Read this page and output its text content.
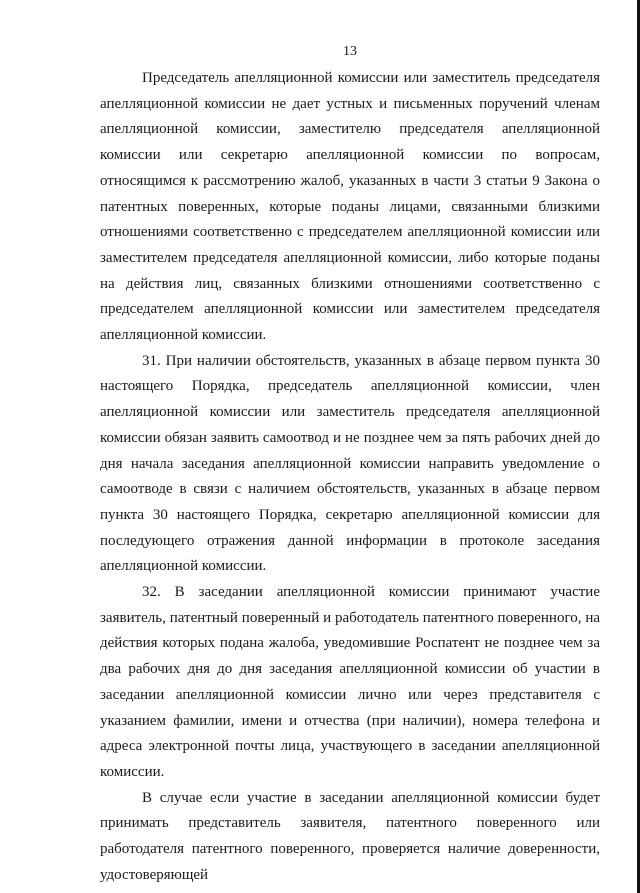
13

Председатель апелляционной комиссии или заместитель председателя апелляционной комиссии не дает устных и письменных поручений членам апелляционной комиссии, заместителю председателя апелляционной комиссии или секретарю апелляционной комиссии по вопросам, относящимся к рассмотрению жалоб, указанных в части 3 статьи 9 Закона о патентных поверенных, которые поданы лицами, связанными близкими отношениями соответственно с председателем апелляционной комиссии или заместителем председателя апелляционной комиссии, либо которые поданы на действия лиц, связанных близкими отношениями соответственно с председателем апелляционной комиссии или заместителем председателя апелляционной комиссии.

31. При наличии обстоятельств, указанных в абзаце первом пункта 30 настоящего Порядка, председатель апелляционной комиссии, член апелляционной комиссии или заместитель председателя апелляционной комиссии обязан заявить самоотвод и не позднее чем за пять рабочих дней до дня начала заседания апелляционной комиссии направить уведомление о самоотводе в связи с наличием обстоятельств, указанных в абзаце первом пункта 30 настоящего Порядка, секретарю апелляционной комиссии для последующего отражения данной информации в протоколе заседания апелляционной комиссии.

32. В заседании апелляционной комиссии принимают участие заявитель, патентный поверенный и работодатель патентного поверенного, на действия которых подана жалоба, уведомившие Роспатент не позднее чем за два рабочих дня до дня заседания апелляционной комиссии об участии в заседании апелляционной комиссии лично или через представителя с указанием фамилии, имени и отчества (при наличии), номера телефона и адреса электронной почты лица, участвующего в заседании апелляционной комиссии.

В случае если участие в заседании апелляционной комиссии будет принимать представитель заявителя, патентного поверенного или работодателя патентного поверенного, проверяется наличие доверенности, удостоверяющей
